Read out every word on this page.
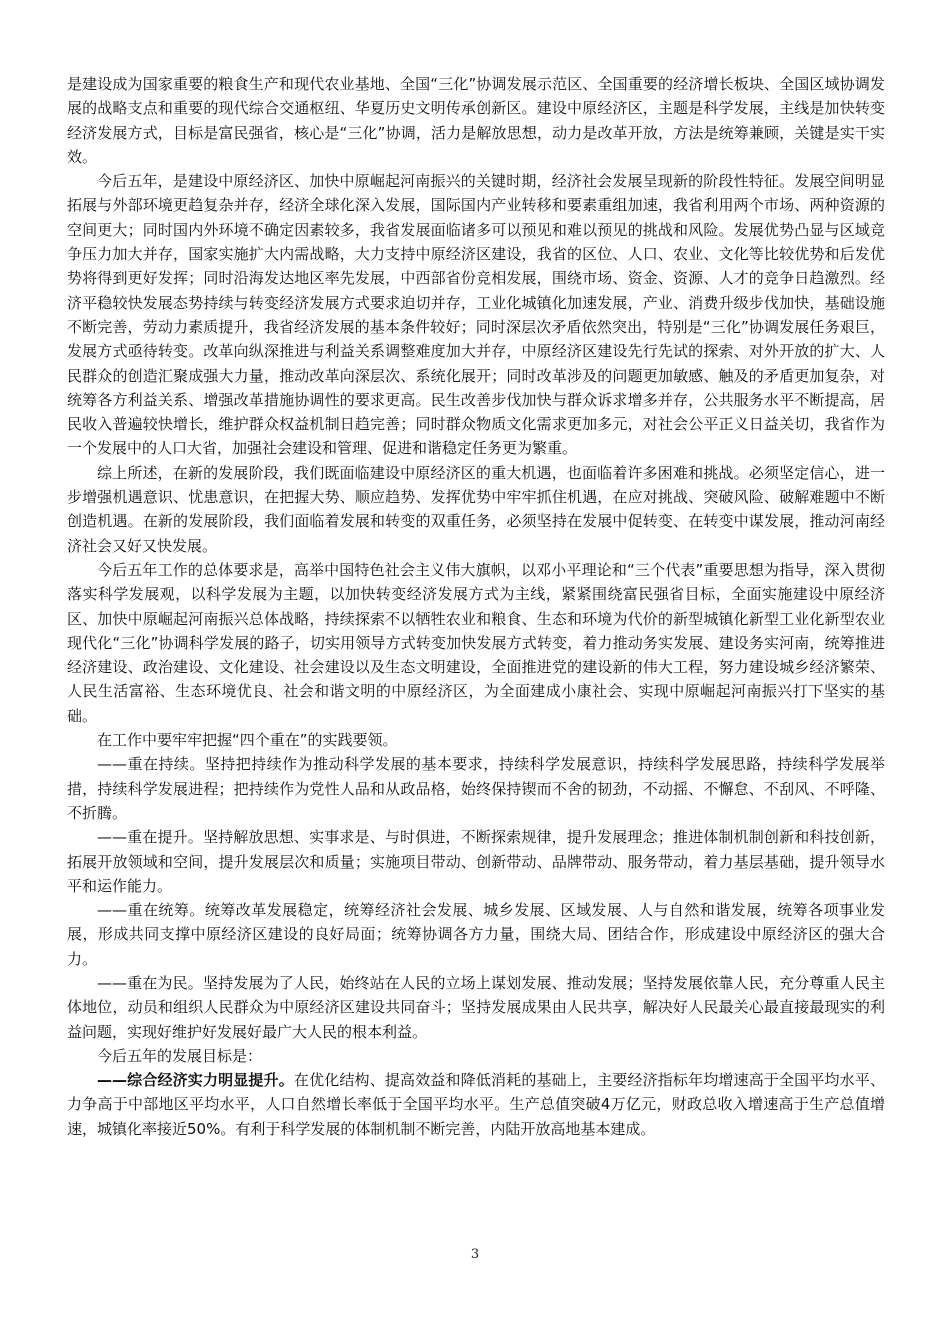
是建设成为国家重要的粮食生产和现代农业基地、全国“三化”协调发展示范区、全国重要的经济增长板块、全国区域协调发展的战略支点和重要的现代综合交通枢纽、华夏历史文明传承创新区。建设中原经济区，主题是科学发展，主线是加快转变经济发展方式，目标是富民强省，核心是“三化”协调，活力是解放思想，动力是改革开放，方法是统筹兼顾，关键是实干实效。

今后五年，是建设中原经济区、加快中原崛起河南振兴的关键时期，经济社会发展呈现新的阶段性特征。发展空间明显拓展与外部环境更趋复杂并存，经济全球化深入发展，国际国内产业转移和要素重组加速，我省利用两个市场、两种资源的空间更大；同时国内外环境不确定因素较多，我省发展面临诸多可以预见和难以预见的挑战和风险。发展优势凸显与区域竞争压力加大并存，国家实施扩大内需战略，大力支持中原经济区建设，我省的区位、人口、农业、文化等比较优势和后发优势将得到更好发挥；同时沿海发达地区率先发展，中西部省份竞相发展，围绕市场、资金、资源、人才的竞争日趋激烈。经济平稳较快发展态势持续与转变经济发展方式要求迫切并存，工业化城镇化加速发展，产业、消费升级步伐加快，基础设施不断完善，劳动力素质提升，我省经济发展的基本条件较好；同时深层次矛盾依然突出，特别是“三化”协调发展任务艰巨，发展方式亟待转变。改革向纵深推进与利益关系调整难度加大并存，中原经济区建设先行先试的探索、对外开放的扩大、人民群众的创造汇聚成强大力量，推动改革向深层次、系统化展开；同时改革涉及的问题更加敏感、触及的矛盾更加复杂，对统筹各方利益关系、增强改革措施协调性的要求更高。民生改善步伐加快与群众诉求增多并存，公共服务水平不断提高，居民收入普遍较快增长，维护群众权益机制日趋完善；同时群众物质文化需求更加多元，对社会公平正义日益关切，我省作为一个发展中的人口大省，加强社会建设和管理、促进和谐稳定任务更为繁重。

综上所述，在新的发展阶段，我们既面临建设中原经济区的重大机遇，也面临着许多困难和挑战。必须坚定信心，进一步增强机遇意识、忧患意识，在把握大势、顺应趋势、发挥优势中牢牢抓住机遇，在应对挑战、突破风险、破解难题中不断创造机遇。在新的发展阶段，我们面临着发展和转变的双重任务，必须坚持在发展中促转变、在转变中谋发展，推动河南经济社会又好又快发展。

今后五年工作的总体要求是，高举中国特色社会主义伟大旗帜，以邓小平理论和“三个代表”重要思想为指导，深入贯彻落实科学发展观，以科学发展为主题，以加快转变经济发展方式为主线，紧紧围绕富民强省目标，全面实施建设中原经济区、加快中原崛起河南振兴总体战略，持续探索不以牺牲农业和粮食、生态和环境为代价的新型城镇化新型工业化新型农业现代化“三化”协调科学发展的路子，切实用领导方式转变加快发展方式转变，着力推动务实发展、建设务实河南，统筹推进经济建设、政治建设、文化建设、社会建设以及生态文明建设，全面推进党的建设新的伟大工程，努力建设城乡经济繁荣、人民生活富裕、生态环境优良、社会和谐文明的中原经济区，为全面建成小康社会、实现中原崛起河南振兴打下坚实的基础。

在工作中要牢牢把握“四个重在”的实践要领。

——重在持续。坚持把持续作为推动科学发展的基本要求，持续科学发展意识，持续科学发展思路，持续科学发展举措，持续科学发展进程；把持续作为党性人品和从政品格，始终保持锲而不舍的韧劲，不动摇、不懈怠、不刮风、不呼隆、不折腾。

——重在提升。坚持解放思想、实事求是、与时俱进，不断探索规律，提升发展理念；推进体制机制创新和科技创新，拓展开放领域和空间，提升发展层次和质量；实施项目带动、创新带动、品牌带动、服务带动，着力基层基础，提升领导水平和运作能力。

——重在统筹。统筹改革发展稳定，统筹经济社会发展、城乡发展、区域发展、人与自然和谐发展，统筹各项事业发展，形成共同支撑中原经济区建设的良好局面；统筹协调各方力量，围绕大局、团结合作，形成建设中原经济区的强大合力。

——重在为民。坚持发展为了人民，始终站在人民的立场上谋划发展、推动发展；坚持发展依靠人民，充分尊重人民主体地位，动员和组织人民群众为中原经济区建设共同奋斗；坚持发展成果由人民共享，解决好人民最关心最直接最现实的利益问题，实现好维护好发展好最广大人民的根本利益。

今后五年的发展目标是：

——综合经济实力明显提升。在优化结构、提高效益和降低消耗的基础上，主要经济指标年均增速高于全国平均水平、力争高于中部地区平均水平，人口自然增长率低于全国平均水平。生产总值突破4万亿元，财政总收入增速高于生产总值增速，城镇化率接近50%。有利于科学发展的体制机制不断完善，内陆开放高地基本建成。

3
